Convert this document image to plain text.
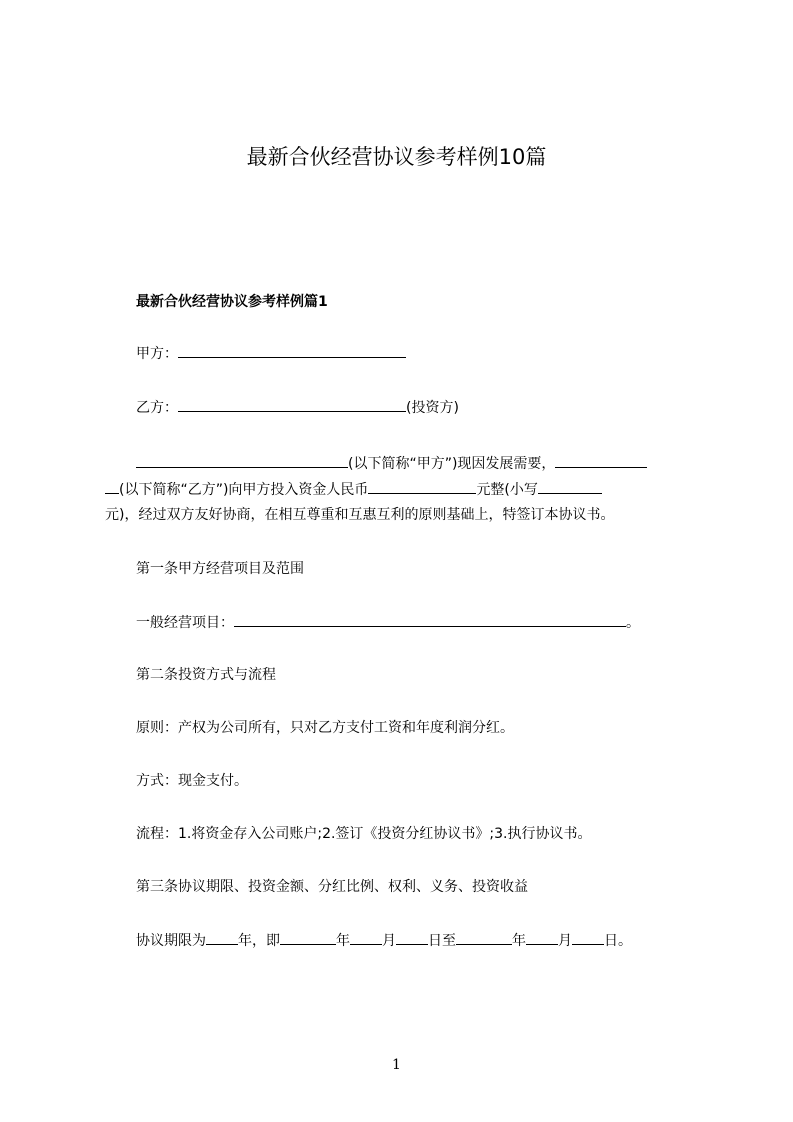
最新合伙经营协议参考样例10篇
最新合伙经营协议参考样例篇1
甲方：
乙方：	(投资方)
(以下简称“甲方”)现因发展需要，
(以下简称“乙方”)向甲方投入资金人民币	元整(小写
元)，经过双方友好协商，在相互尊重和互惠互利的原则基础上，特签订本协议书。
第一条甲方经营项目及范围
一般经营项目：	。
第二条投资方式与流程
原则：产权为公司所有，只对乙方支付工资和年度利润分红。
方式：现金支付。
流程：1.将资金存入公司账户;2.签订《投资分红协议书》;3.执行协议书。
第三条协议期限、投资金额、分红比例、权利、义务、投资收益
协议期限为 年，即	年 月 日至	年 月 日。
1
